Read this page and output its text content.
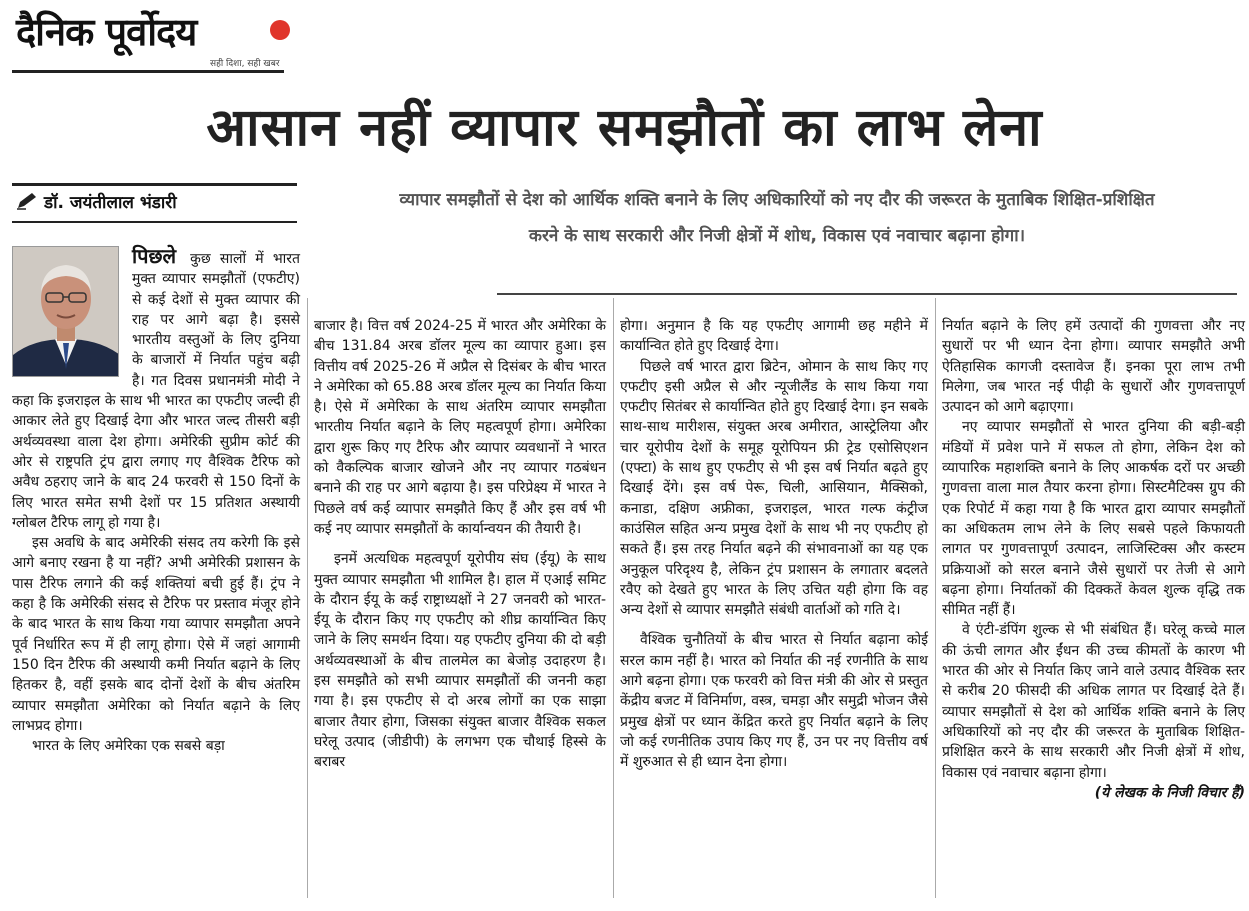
दैनिक पूर्वोदय
सही दिशा, सही खबर
आसान नहीं व्यापार समझौतों का लाभ लेना
डॉ. जयंतीलाल भंडारी	व्यापार समझौतों से देश को आर्थिक शक्ति बनाने के लिए अधिकारियों को नए दौर की जरूरत के मुताबिक शिक्षित-प्रशिक्षित करने के साथ सरकारी और निजी क्षेत्रों में शोध, विकास एवं नवाचार बढ़ाना होगा।

पिछले कुछ सालों में भारत मुक्त व्यापार समझौतों (एफटीए) से कई देशों से मुक्त व्यापार की राह पर आगे बढ़ा है। इससे भारतीय वस्तुओं के लिए दुनिया के बाजारों में निर्यात पहुंच बढ़ी है। गत दिवस प्रधानमंत्री मोदी ने कहा कि इजराइल के साथ भी भारत का एफटीए जल्दी ही आकार लेते हुए दिखाई देगा और भारत जल्द तीसरी बड़ी अर्थव्यवस्था वाला देश होगा। अमेरिकी सुप्रीम कोर्ट की ओर से राष्ट्रपति ट्रंप द्वारा लगाए गए वैश्विक टैरिफ को अवैध ठहराए जाने के बाद 24 फरवरी से 150 दिनों के लिए भारत समेत सभी देशों पर 15 प्रतिशत अस्थायी ग्लोबल टैरिफ लागू हो गया है।

इस अवधि के बाद अमेरिकी संसद तय करेगी कि इसे आगे बनाए रखना है या नहीं? अभी अमेरिकी प्रशासन के पास टैरिफ लगाने की कई शक्तियां बची हुई हैं। ट्रंप ने कहा है कि अमेरिकी संसद से टैरिफ पर प्रस्ताव मंजूर होने के बाद भारत के साथ किया गया व्यापार समझौता अपने पूर्व निर्धारित रूप में ही लागू होगा। ऐसे में जहां आगामी 150 दिन टैरिफ की अस्थायी कमी निर्यात बढ़ाने के लिए हितकर है, वहीं इसके बाद दोनों देशों के बीच अंतरिम व्यापार समझौता अमेरिका को निर्यात बढ़ाने के लिए लाभप्रद होगा।

भारत के लिए अमेरिका एक सबसे बड़ा

बाजार है। वित्त वर्ष 2024-25 में भारत और अमेरिका के बीच 131.84 अरब डॉलर मूल्य का व्यापार हुआ। इस वित्तीय वर्ष 2025-26 में अप्रैल से दिसंबर के बीच भारत ने अमेरिका को 65.88 अरब डॉलर मूल्य का निर्यात किया है। ऐसे में अमेरिका के साथ अंतरिम व्यापार समझौता भारतीय निर्यात बढ़ाने के लिए महत्वपूर्ण होगा। अमेरिका द्वारा शुरू किए गए टैरिफ और व्यापार व्यवधानों ने भारत को वैकल्पिक बाजार खोजने और नए व्यापार गठबंधन बनाने की राह पर आगे बढ़ाया है। इस परिप्रेक्ष्य में भारत ने पिछले वर्ष कई व्यापार समझौते किए हैं और इस वर्ष भी कई नए व्यापार समझौतों के कार्यान्वयन की तैयारी है।

इनमें अत्यधिक महत्वपूर्ण यूरोपीय संघ (ईयू) के साथ मुक्त व्यापार समझौता भी शामिल है। हाल में एआई समिट के दौरान ईयू के कई राष्ट्राध्यक्षों ने 27 जनवरी को भारत-ईयू के दौरान किए गए एफटीए को शीघ्र कार्यान्वित किए जाने के लिए समर्थन दिया। यह एफटीए दुनिया की दो बड़ी अर्थव्यवस्थाओं के बीच तालमेल का बेजोड़ उदाहरण है। इस समझौते को सभी व्यापार समझौतों की जननी कहा गया है। इस एफटीए से दो अरब लोगों का एक साझा बाजार तैयार होगा, जिसका संयुक्त बाजार वैश्विक सकल घरेलू उत्पाद (जीडीपी) के लगभग एक चौथाई हिस्से के बराबर

होगा। अनुमान है कि यह एफटीए आगामी छह महीने में कार्यान्वित होते हुए दिखाई देगा।

पिछले वर्ष भारत द्वारा ब्रिटेन, ओमान के साथ किए गए एफटीए इसी अप्रैल से और न्यूजीलैंड के साथ किया गया एफटीए सितंबर से कार्यान्वित होते हुए दिखाई देगा। इन सबके साथ-साथ मारीशस, संयुक्त अरब अमीरात, आस्ट्रेलिया और चार यूरोपीय देशों के समूह यूरोपियन फ्री ट्रेड एसोसिएशन (एफ्टा) के साथ हुए एफटीए से भी इस वर्ष निर्यात बढ़ते हुए दिखाई देंगे। इस वर्ष पेरू, चिली, आसियान, मैक्सिको, कनाडा, दक्षिण अफ्रीका, इजराइल, भारत गल्फ कंट्रीज काउंसिल सहित अन्य प्रमुख देशों के साथ भी नए एफटीए हो सकते हैं। इस तरह निर्यात बढ़ने की संभावनाओं का यह एक अनुकूल परिदृश्य है, लेकिन ट्रंप प्रशासन के लगातार बदलते रवैए को देखते हुए भारत के लिए उचित यही होगा कि वह अन्य देशों से व्यापार समझौते संबंधी वार्ताओं को गति दे।

वैश्विक चुनौतियों के बीच भारत से निर्यात बढ़ाना कोई सरल काम नहीं है। भारत को निर्यात की नई रणनीति के साथ आगे बढ़ना होगा। एक फरवरी को वित्त मंत्री की ओर से प्रस्तुत केंद्रीय बजट में विनिर्माण, वस्त्र, चमड़ा और समुद्री भोजन जैसे प्रमुख क्षेत्रों पर ध्यान केंद्रित करते हुए निर्यात बढ़ाने के लिए जो कई रणनीतिक उपाय किए गए हैं, उन पर नए वित्तीय वर्ष में शुरुआत से ही ध्यान देना होगा।

निर्यात बढ़ाने के लिए हमें उत्पादों की गुणवत्ता और नए सुधारों पर भी ध्यान देना होगा। व्यापार समझौते अभी ऐतिहासिक कागजी दस्तावेज हैं। इनका पूरा लाभ तभी मिलेगा, जब भारत नई पीढ़ी के सुधारों और गुणवत्तापूर्ण उत्पादन को आगे बढ़ाएगा।

नए व्यापार समझौतों से भारत दुनिया की बड़ी-बड़ी मंडियों में प्रवेश पाने में सफल तो होगा, लेकिन देश को व्यापारिक महाशक्ति बनाने के लिए आकर्षक दरों पर अच्छी गुणवत्ता वाला माल तैयार करना होगा। सिस्टमैटिक्स ग्रुप की एक रिपोर्ट में कहा गया है कि भारत द्वारा व्यापार समझौतों का अधिकतम लाभ लेने के लिए सबसे पहले किफायती लागत पर गुणवत्तापूर्ण उत्पादन, लाजिस्टिक्स और कस्टम प्रक्रियाओं को सरल बनाने जैसे सुधारों पर तेजी से आगे बढ़ना होगा। निर्यातकों की दिक्कतें केवल शुल्क वृद्धि तक सीमित नहीं हैं।

वे एंटी-डंपिंग शुल्क से भी संबंधित हैं। घरेलू कच्चे माल की ऊंची लागत और ईंधन की उच्च कीमतों के कारण भी भारत की ओर से निर्यात किए जाने वाले उत्पाद वैश्विक स्तर से करीब 20 फीसदी की अधिक लागत पर दिखाई देते हैं। व्यापार समझौतों से देश को आर्थिक शक्ति बनाने के लिए अधिकारियों को नए दौर की जरूरत के मुताबिक शिक्षित-प्रशिक्षित करने के साथ सरकारी और निजी क्षेत्रों में शोध, विकास एवं नवाचार बढ़ाना होगा।

(ये लेखक के निजी विचार हैं)
